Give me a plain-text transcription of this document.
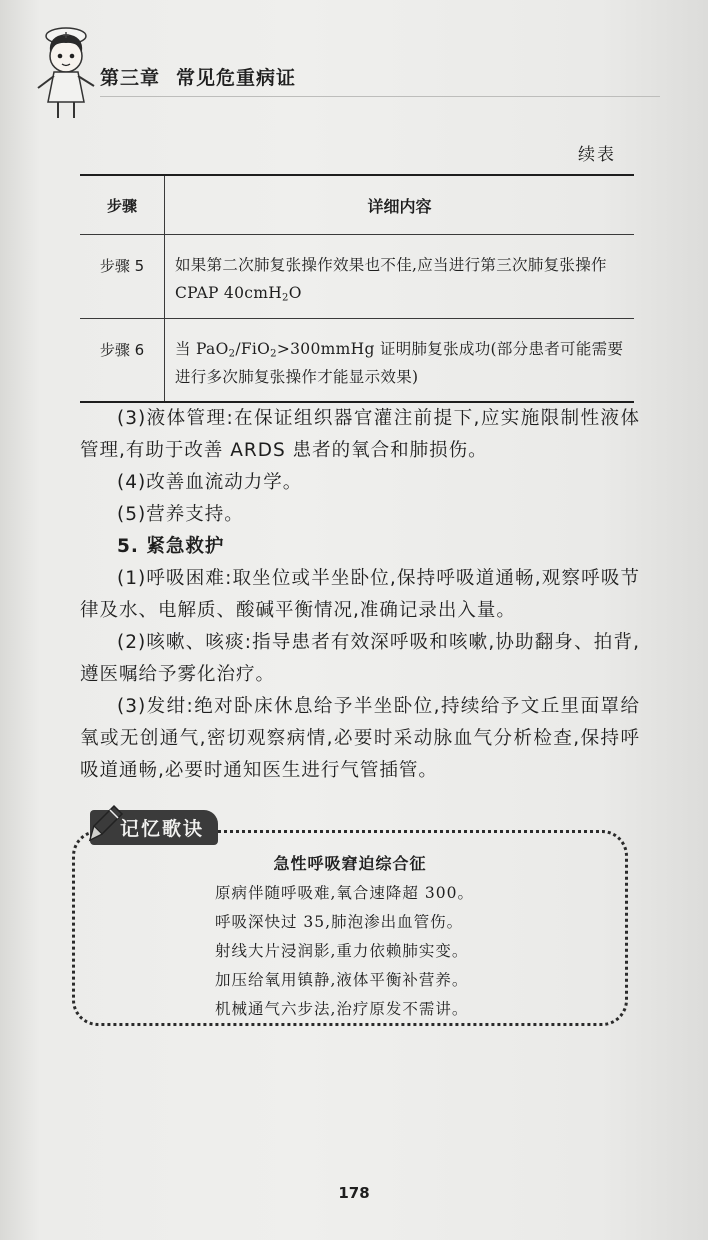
第三章 常见危重病证
续表
步骤	详细内容
步骤 5	如果第二次肺复张操作效果也不佳,应当进行第三次肺复张操作 CPAP 40cmH$_2$O
步骤 6	当 PaO$_2$/FiO$_2$>300mmHg 证明肺复张成功(部分患者可能需要进行多次肺复张操作才能显示效果)

(3)液体管理:在保证组织器官灌注前提下,应实施限制性液体管理,有助于改善 ARDS 患者的氧合和肺损伤。

(4)改善血流动力学。

(5)营养支持。

5. 紧急救护

(1)呼吸困难:取坐位或半坐卧位,保持呼吸道通畅,观察呼吸节律及水、电解质、酸碱平衡情况,准确记录出入量。

(2)咳嗽、咳痰:指导患者有效深呼吸和咳嗽,协助翻身、拍背,遵医嘱给予雾化治疗。

(3)发绀:绝对卧床休息给予半坐卧位,持续给予文丘里面罩给氧或无创通气,密切观察病情,必要时采动脉血气分析检查,保持呼吸道通畅,必要时通知医生进行气管插管。

急性呼吸窘迫综合征
原病伴随呼吸难,氧合速降超 300。
呼吸深快过 35,肺泡渗出血管伤。
射线大片浸润影,重力依赖肺实变。
加压给氧用镇静,液体平衡补营养。
机械通气六步法,治疗原发不需讲。
记忆歌诀
178
